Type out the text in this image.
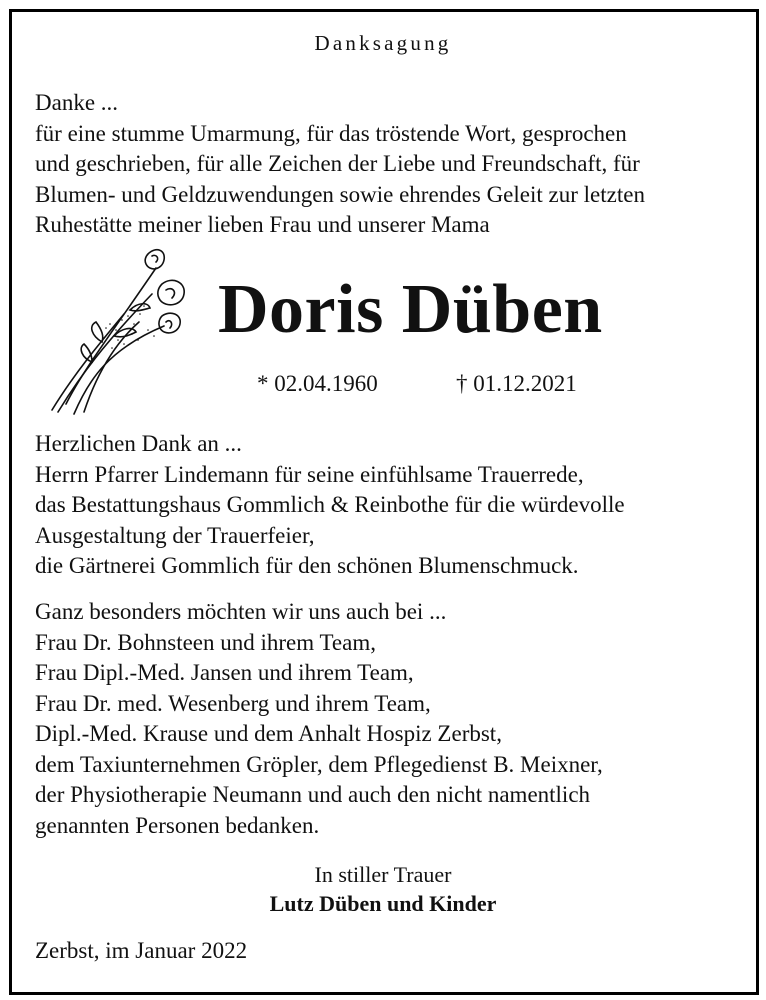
Danksagung
Danke ...
für eine stumme Umarmung, für das tröstende Wort, gesprochen
und geschrieben, für alle Zeichen der Liebe und Freundschaft, für
Blumen- und Geldzuwendungen sowie ehrendes Geleit zur letzten
Ruhestätte meiner lieben Frau und unserer Mama
Doris Düben
* 02.04.1960	† 01.12.2021
Herzlichen Dank an ...
Herrn Pfarrer Lindemann für seine einfühlsame Trauerrede,
das Bestattungshaus Gommlich & Reinbothe für die würdevolle
Ausgestaltung der Trauerfeier,
die Gärtnerei Gommlich für den schönen Blumenschmuck.
Ganz besonders möchten wir uns auch bei ...
Frau Dr. Bohnsteen und ihrem Team,
Frau Dipl.-Med. Jansen und ihrem Team,
Frau Dr. med. Wesenberg und ihrem Team,
Dipl.-Med. Krause und dem Anhalt Hospiz Zerbst,
dem Taxiunternehmen Gröpler, dem Pflegedienst B. Meixner,
der Physiotherapie Neumann und auch den nicht namentlich
genannten Personen bedanken.
In stiller Trauer
Lutz Düben und Kinder
Zerbst, im Januar 2022
